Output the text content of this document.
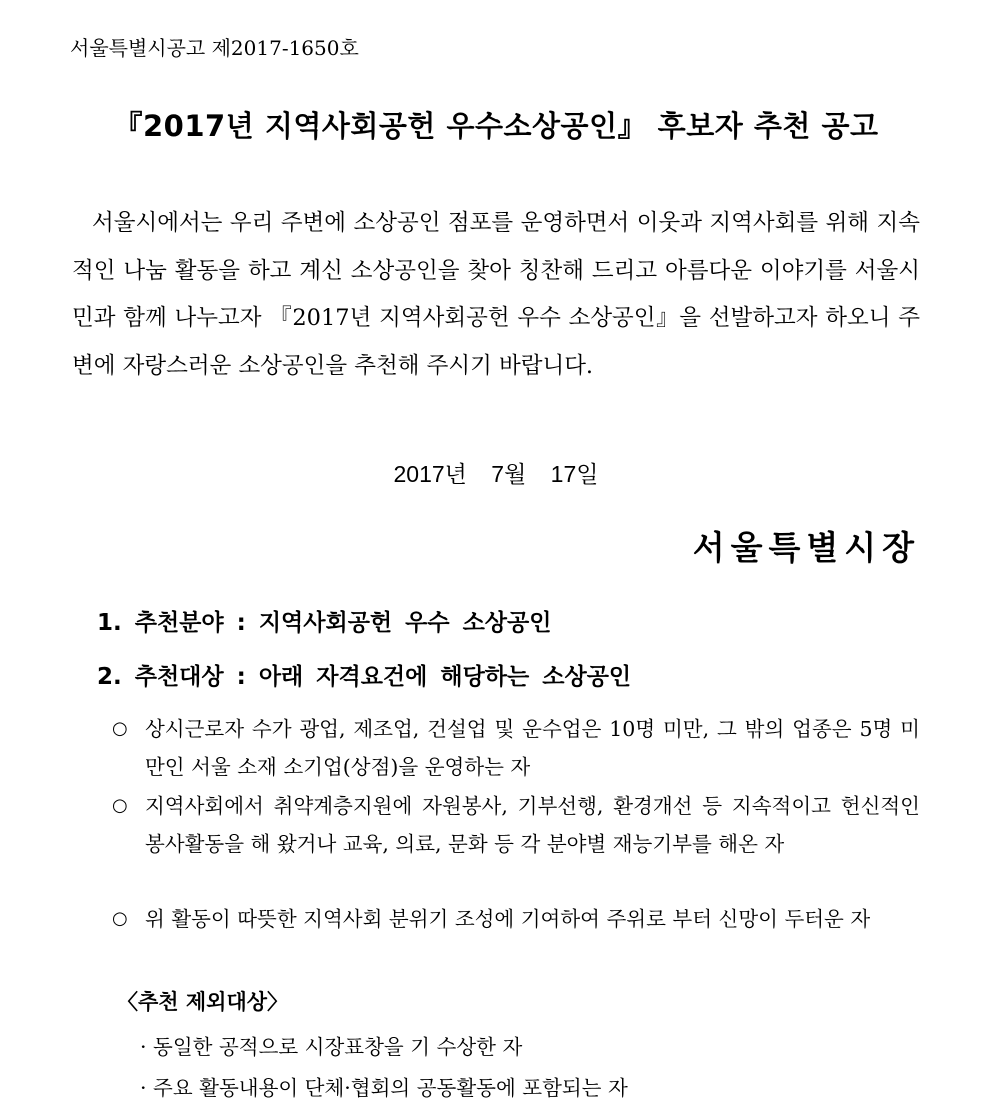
서울특별시공고 제2017-1650호
『2017년 지역사회공헌 우수소상공인』 후보자 추천 공고

서울시에서는 우리 주변에 소상공인 점포를 운영하면서 이웃과 지역사회를 위해 지속적인 나눔 활동을 하고 계신 소상공인을 찾아 칭찬해 드리고 아름다운 이야기를 서울시민과 함께 나누고자 『2017년 지역사회공헌 우수 소상공인』을 선발하고자 하오니 주변에 자랑스러운 소상공인을 추천해 주시기 바랍니다.

2017년 7월 17일
서울특별시장
1. 추천분야 : 지역사회공헌 우수 소상공인
2. 추천대상 : 아래 자격요건에 해당하는 소상공인
○ 상시근로자 수가 광업, 제조업, 건설업 및 운수업은 10명 미만, 그 밖의 업종은 5명 미만인 서울 소재 소기업(상점)을 운영하는 자
○ 지역사회에서 취약계층지원에 자원봉사, 기부선행, 환경개선 등 지속적이고 헌신적인 봉사활동을 해 왔거나 교육, 의료, 문화 등 각 분야별 재능기부를 해온 자
○ 위 활동이 따뜻한 지역사회 분위기 조성에 기여하여 주위로 부터 신망이 두터운 자
〈추천 제외대상〉
· 동일한 공적으로 시장표창을 기 수상한 자
· 주요 활동내용이 단체·협회의 공동활동에 포함되는 자
